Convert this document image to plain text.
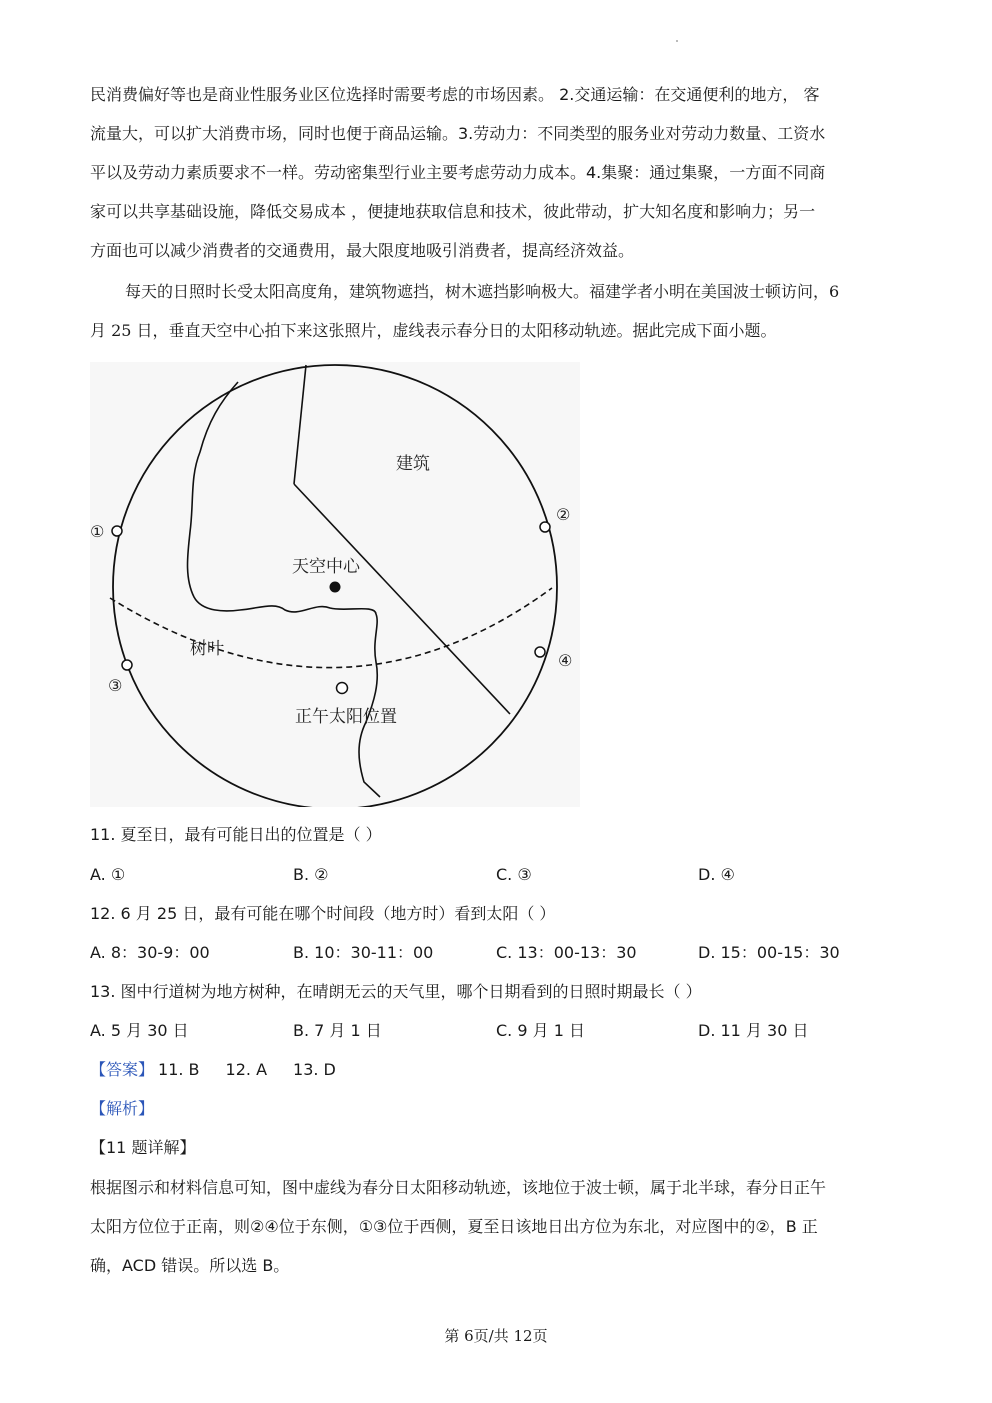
民消费偏好等也是商业性服务业区位选择时需要考虑的市场因素。 2.交通运输：在交通便利的地方， 客
流量大，可以扩大消费市场，同时也便于商品运输。3.劳动力：不同类型的服务业对劳动力数量、工资水
平以及劳动力素质要求不一样。劳动密集型行业主要考虑劳动力成本。4.集聚：通过集聚，一方面不同商
家可以共享基础设施，降低交易成本 ，便捷地获取信息和技术，彼此带动，扩大知名度和影响力；另一
方面也可以减少消费者的交通费用，最大限度地吸引消费者，提高经济效益。

每天的日照时长受太阳高度角，建筑物遮挡，树木遮挡影响极大。福建学者小明在美国波士顿访问，6
月 25 日，垂直天空中心拍下来这张照片，虚线表示春分日的太阳移动轨迹。据此完成下面小题。

建筑
天空中心
树叶
正午太阳位置
①
②
③
④
11. 夏至日，最有可能日出的位置是（ ）
A. ①	B. ②	C. ③	D. ④
12. 6 月 25 日，最有可能在哪个时间段（地方时）看到太阳（ ）
A. 8：30-9：00	B. 10：30-11：00	C. 13：00-13：30	D. 15：00-15：30
13. 图中行道树为地方树种，在晴朗无云的天气里，哪个日期看到的日照时期最长（ ）
A. 5 月 30 日	B. 7 月 1 日	C. 9 月 1 日	D. 11 月 30 日
【答案】 11. B 12. A 13. D
【解析】
【11 题详解】

根据图示和材料信息可知，图中虚线为春分日太阳移动轨迹，该地位于波士顿，属于北半球，春分日正午
太阳方位位于正南，则②④位于东侧，①③位于西侧，夏至日该地日出方位为东北，对应图中的②，B 正
确，ACD 错误。所以选 B。

第 6页/共 12页
